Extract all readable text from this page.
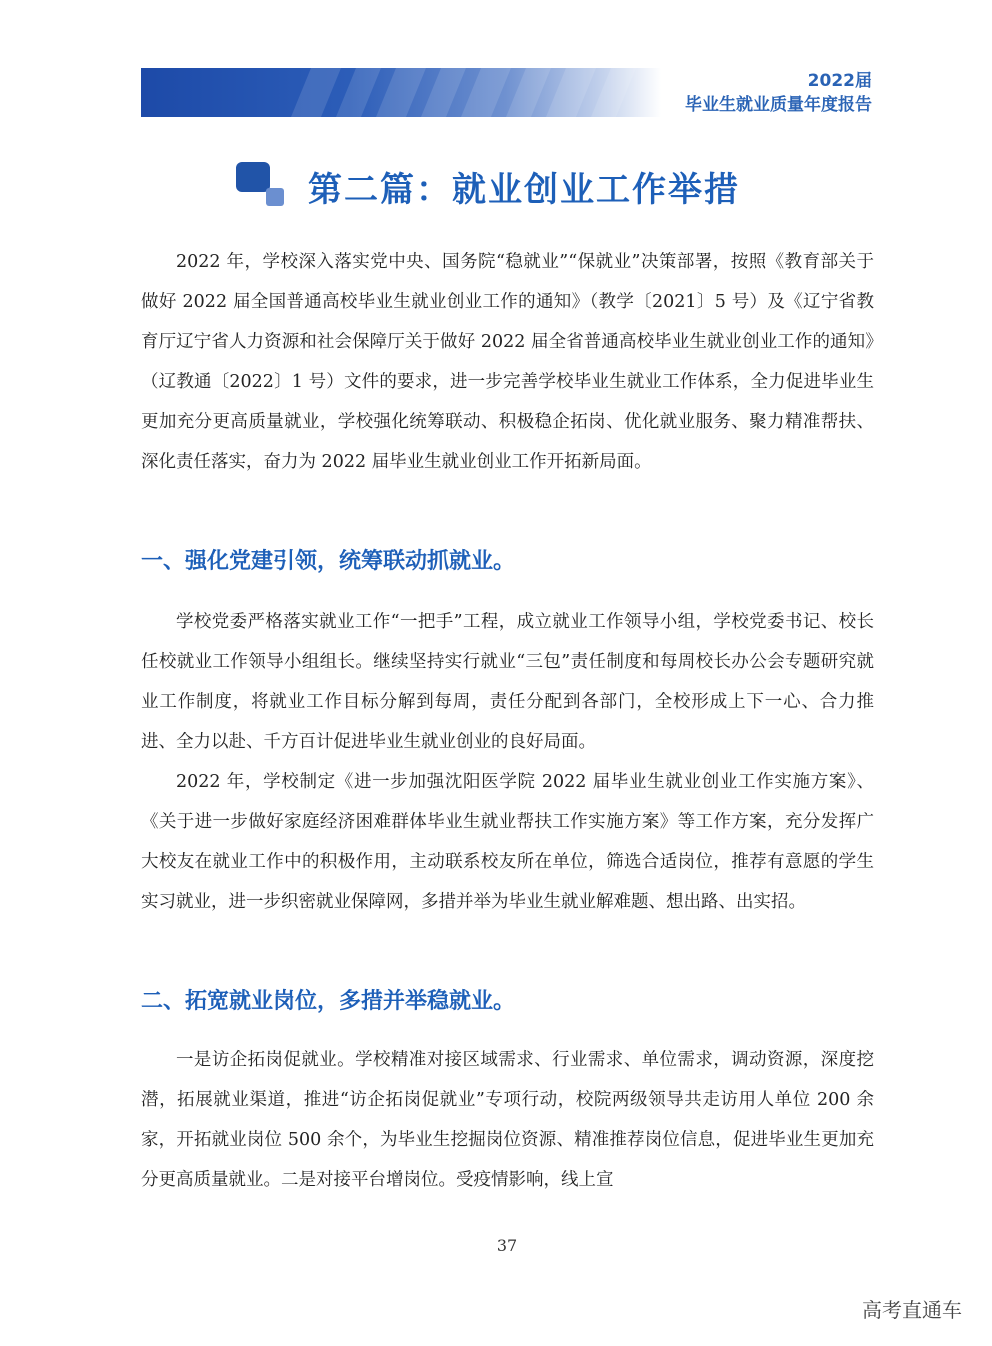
2022届
毕业生就业质量年度报告
第二篇：就业创业工作举措

2022 年，学校深入落实党中央、国务院“稳就业”“保就业”决策部署，按照《教育部关于做好 2022 届全国普通高校毕业生就业创业工作的通知》（教学〔2021〕5 号）及《辽宁省教育厅辽宁省人力资源和社会保障厅关于做好 2022 届全省普通高校毕业生就业创业工作的通知》（辽教通〔2022〕1 号）文件的要求，进一步完善学校毕业生就业工作体系，全力促进毕业生更加充分更高质量就业，学校强化统筹联动、积极稳企拓岗、优化就业服务、聚力精准帮扶、深化责任落实，奋力为 2022 届毕业生就业创业工作开拓新局面。

一、强化党建引领，统筹联动抓就业。

学校党委严格落实就业工作“一把手”工程，成立就业工作领导小组，学校党委书记、校长任校就业工作领导小组组长。继续坚持实行就业“三包”责任制度和每周校长办公会专题研究就业工作制度，将就业工作目标分解到每周，责任分配到各部门，全校形成上下一心、合力推进、全力以赴、千方百计促进毕业生就业创业的良好局面。

2022 年，学校制定《进一步加强沈阳医学院 2022 届毕业生就业创业工作实施方案》、《关于进一步做好家庭经济困难群体毕业生就业帮扶工作实施方案》等工作方案，充分发挥广大校友在就业工作中的积极作用，主动联系校友所在单位，筛选合适岗位，推荐有意愿的学生实习就业，进一步织密就业保障网，多措并举为毕业生就业解难题、想出路、出实招。

二、拓宽就业岗位，多措并举稳就业。

一是访企拓岗促就业。学校精准对接区域需求、行业需求、单位需求，调动资源，深度挖潜，拓展就业渠道，推进“访企拓岗促就业”专项行动，校院两级领导共走访用人单位 200 余家，开拓就业岗位 500 余个，为毕业生挖掘岗位资源、精准推荐岗位信息，促进毕业生更加充分更高质量就业。二是对接平台增岗位。受疫情影响，线上宣

37
高考直通车
